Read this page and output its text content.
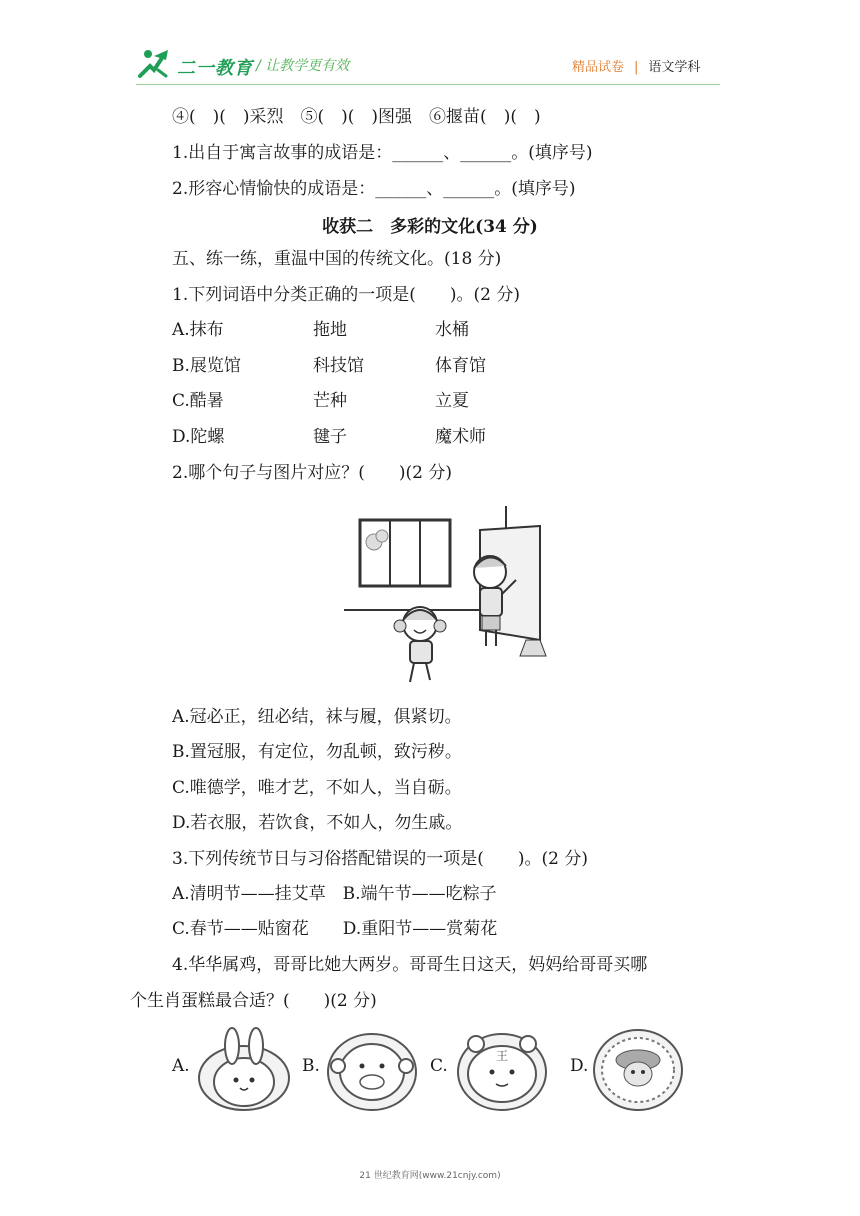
二一教育 / 让教学更有效	精品试卷 | 语文学科
④(　)(　)采烈　⑤(　)(　)图强　⑥揠苗(　)(　)
1.出自于寓言故事的成语是：______、______。(填序号)
2.形容心情愉快的成语是：______、______。(填序号)
收获二　多彩的文化(34 分)
五、练一练，重温中国的传统文化。(18 分)
1.下列词语中分类正确的一项是(　　)。(2 分)
A.抹布	拖地	水桶
B.展览馆	科技馆	体育馆
C.酷暑	芒种	立夏
D.陀螺	毽子	魔术师
2.哪个句子与图片对应？(　　)(2 分)
A.冠必正，纽必结，袜与履，俱紧切。
B.置冠服，有定位，勿乱顿，致污秽。
C.唯德学，唯才艺，不如人，当自砺。
D.若衣服，若饮食，不如人，勿生戚。
3.下列传统节日与习俗搭配错误的一项是(　　)。(2 分)
A.清明节——挂艾草　B.端午节——吃粽子
C.春节——贴窗花　　D.重阳节——赏菊花
4.华华属鸡，哥哥比她大两岁。哥哥生日这天，妈妈给哥哥买哪
个生肖蛋糕最合适？(　　)(2 分)
A.	B.	C.	王	D.
21 世纪教育网(www.21cnjy.com)
